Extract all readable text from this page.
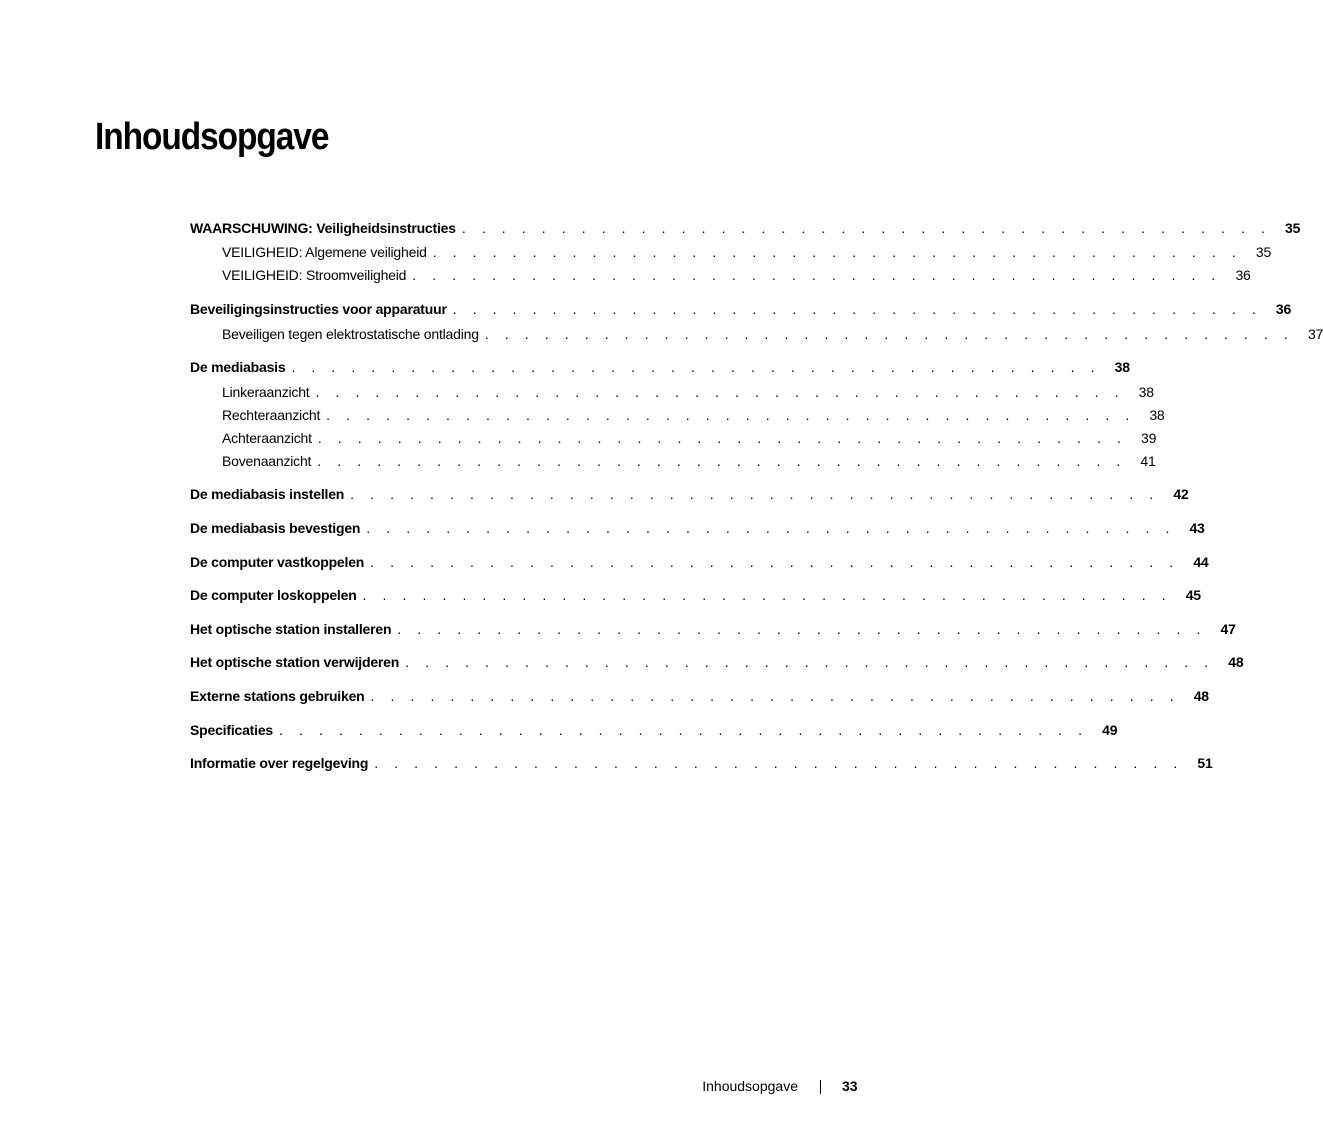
Inhoudsopgave
WAARSCHUWING: Veiligheidsinstructies . . . . . . . . . . . . . . . . . . . . . . . . . . . . . . . . . . . . . . . . . 35
VEILIGHEID: Algemene veiligheid . . . . . . . . . . . . . . . . . . . . . . . . . . . . . . . . . . . . . . . . . 35
VEILIGHEID: Stroomveiligheid . . . . . . . . . . . . . . . . . . . . . . . . . . . . . . . . . . . . . . . . . 36
Beveiligingsinstructies voor apparatuur . . . . . . . . . . . . . . . . . . . . . . . . . . . . . . . . . . . . . . . . . 36
Beveiligen tegen elektrostatische ontlading . . . . . . . . . . . . . . . . . . . . . . . . . . . . . . . . . . . . . . . . . 37
De mediabasis . . . . . . . . . . . . . . . . . . . . . . . . . . . . . . . . . . . . . . . . . 38
Linkeraanzicht . . . . . . . . . . . . . . . . . . . . . . . . . . . . . . . . . . . . . . . . . 38
Rechteraanzicht . . . . . . . . . . . . . . . . . . . . . . . . . . . . . . . . . . . . . . . . . 38
Achteraanzicht . . . . . . . . . . . . . . . . . . . . . . . . . . . . . . . . . . . . . . . . . 39
Bovenaanzicht . . . . . . . . . . . . . . . . . . . . . . . . . . . . . . . . . . . . . . . . . 41
De mediabasis instellen . . . . . . . . . . . . . . . . . . . . . . . . . . . . . . . . . . . . . . . . . 42
De mediabasis bevestigen . . . . . . . . . . . . . . . . . . . . . . . . . . . . . . . . . . . . . . . . . 43
De computer vastkoppelen . . . . . . . . . . . . . . . . . . . . . . . . . . . . . . . . . . . . . . . . . 44
De computer loskoppelen . . . . . . . . . . . . . . . . . . . . . . . . . . . . . . . . . . . . . . . . . 45
Het optische station installeren . . . . . . . . . . . . . . . . . . . . . . . . . . . . . . . . . . . . . . . . . 47
Het optische station verwijderen . . . . . . . . . . . . . . . . . . . . . . . . . . . . . . . . . . . . . . . . . 48
Externe stations gebruiken . . . . . . . . . . . . . . . . . . . . . . . . . . . . . . . . . . . . . . . . . 48
Specificaties . . . . . . . . . . . . . . . . . . . . . . . . . . . . . . . . . . . . . . . . . 49
Informatie over regelgeving . . . . . . . . . . . . . . . . . . . . . . . . . . . . . . . . . . . . . . . . . 51
Inhoudsopgave	33
